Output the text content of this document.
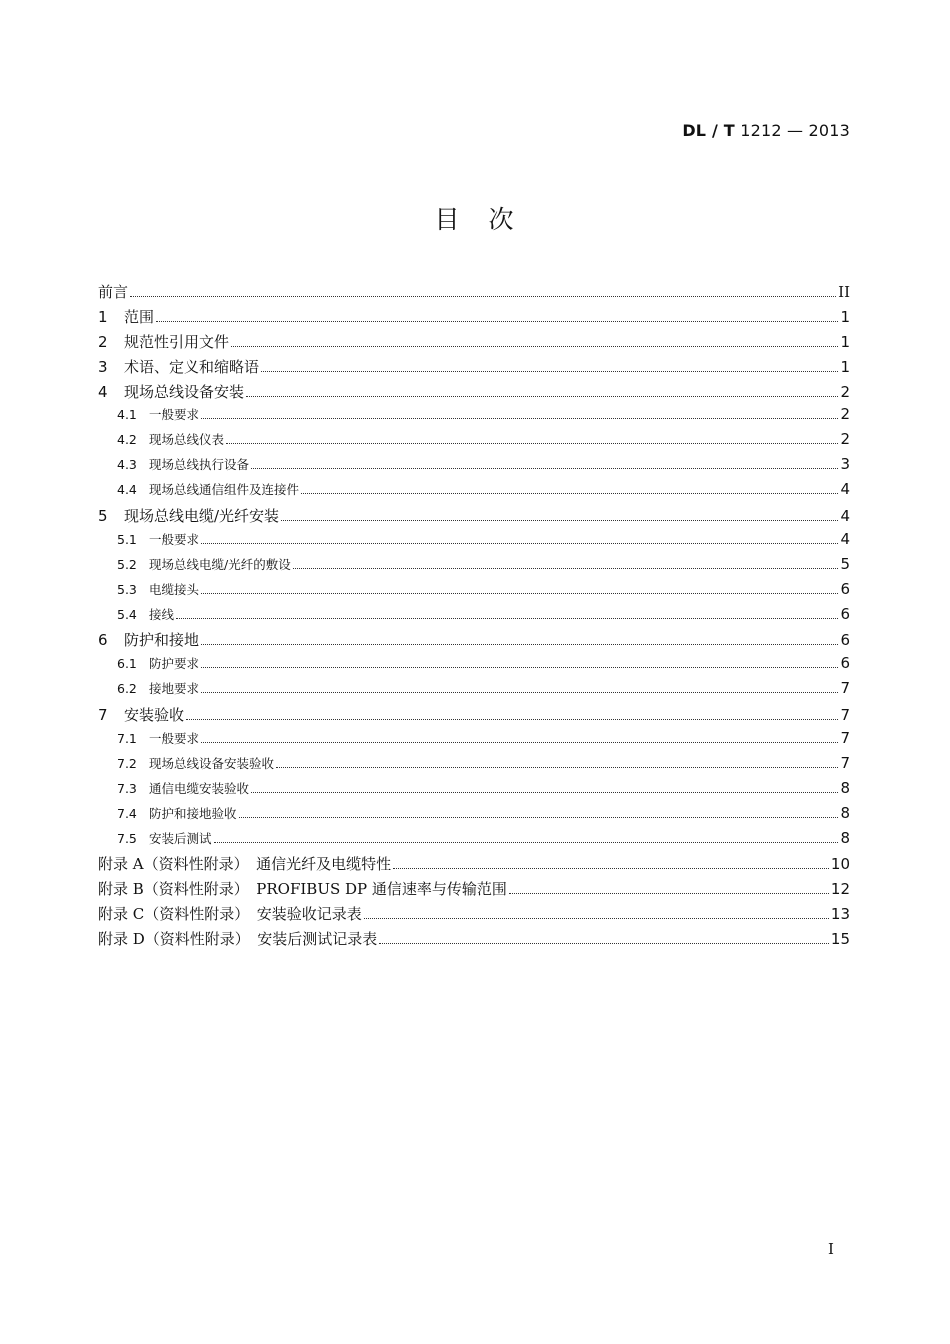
DL / T 1212 — 2013
目　次
前言	II
1	范围	1
2	规范性引用文件	1
3	术语、定义和缩略语	1
4	现场总线设备安装	2
4.1 一般要求	2
4.2 现场总线仪表	2
4.3 现场总线执行设备	3
4.4 现场总线通信组件及连接件	4
5	现场总线电缆/光纤安装	4
5.1 一般要求	4
5.2 现场总线电缆/光纤的敷设	5
5.3 电缆接头	6
5.4 接线	6
6	防护和接地	6
6.1 防护要求	6
6.2 接地要求	7
7	安装验收	7
7.1 一般要求	7
7.2 现场总线设备安装验收	7
7.3 通信电缆安装验收	8
7.4 防护和接地验收	8
7.5 安装后测试	8
附录 A（资料性附录）　通信光纤及电缆特性	10
附录 B（资料性附录）　PROFIBUS DP 通信速率与传输范围	12
附录 C（资料性附录）　安装验收记录表	13
附录 D（资料性附录）　安装后测试记录表	15
I
